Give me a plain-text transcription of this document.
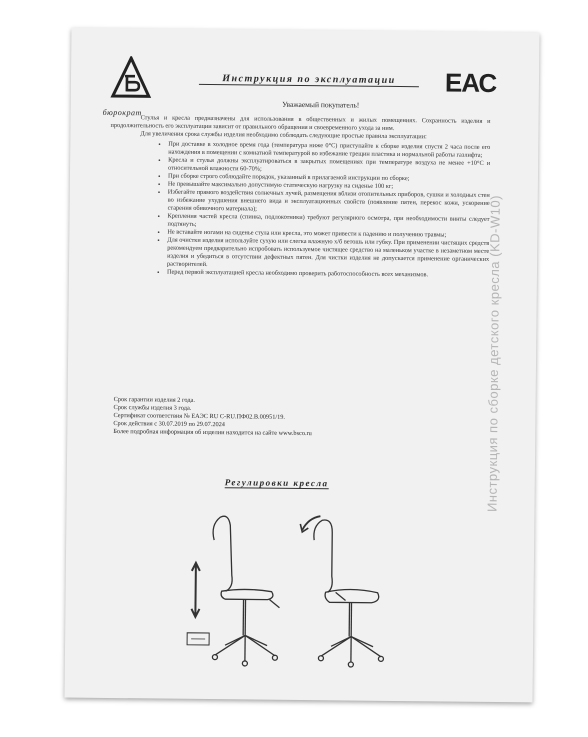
бюрократ
Инструкция по эксплуатации	ЕАС
Уважаемый покупатель!

Стулья и кресла предназначены для использования в общественных и жилых помещениях. Сохранность изделия и продолжительность его эксплуатации зависит от правильного обращения и своевременного ухода за ним.

Для увеличения срока службы изделия необходимо соблюдать следующие простые правила эксплуатации:

• При доставке в холодное время года (температура ниже 0°С) приступайте к сборке изделия спустя 2 часа после его нахождения в помещении с комнатной температурой во избежание трещин пластика и нормальной работы газлифта;
• Кресла и стулья должны эксплуатироваться в закрытых помещениях при температуре воздуха не менее +10°С и относительной влажности 60-70%;
• При сборке строго соблюдайте порядок, указанный в прилагаемой инструкции по сборке;
• Не превышайте максимально допустимую статическую нагрузку на сиденье 100 кг;
• Избегайте прямого воздействия солнечных лучей, размещения вблизи отопительных приборов, сушки и холодных стен во избежание ухудшения внешнего вида и эксплуатационных свойств (появление пятен, перекос кожи, ускорение старения обивочного материала);
• Крепления частей кресла (спинка, подлокотники) требуют регулярного осмотра, при необходимости винты следует подтянуть;
• Не вставайте ногами на сиденье стула или кресла, это может привести к падению и получению травмы;
• Для очистки изделия используйте сухую или слегка влажную х/б ветошь или губку. При применении чистящих средств рекомендуем предварительно испробовать используемое чистящее средство на маленьком участке в незаметном месте изделия и убедиться в отсутствии дефектных пятен. Для чистки изделия не допускается применение органических растворителей.
• Перед первой эксплуатацией кресла необходимо проверить работоспособность всех механизмов.
Срок гарантии изделия 2 года.
Срок службы изделия 3 года.
Сертификат соответствия № ЕАЭС RU С-RU.ПФ02.В.00951/19.
Срок действия с 30.07.2019 по 29.07.2024
Более подробная информация об изделии находится на сайте www.bsco.ru	Инструкция по сборке детского кресла (KD-W10)
Регулировки кресла
